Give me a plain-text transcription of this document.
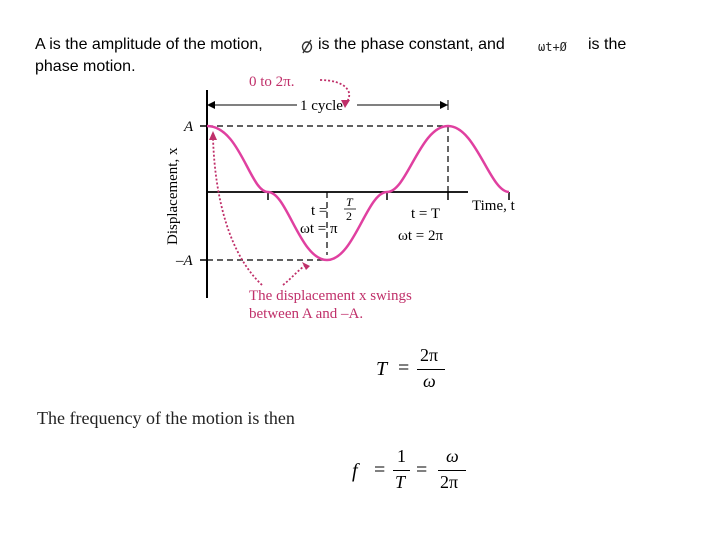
A is the amplitude of the motion,	is the phase constant, and	ωt+Ø is the
phase motion.
1 cycle
A
–A
Displacement, x	Time, t
t =
T
2
ωt = π
t = T
ωt = 2π
0 to 2π.
The displacement x swings
between A and –A.
T =
2π
ω
The frequency of the motion is then
f =
1
T
=
ω
2π
